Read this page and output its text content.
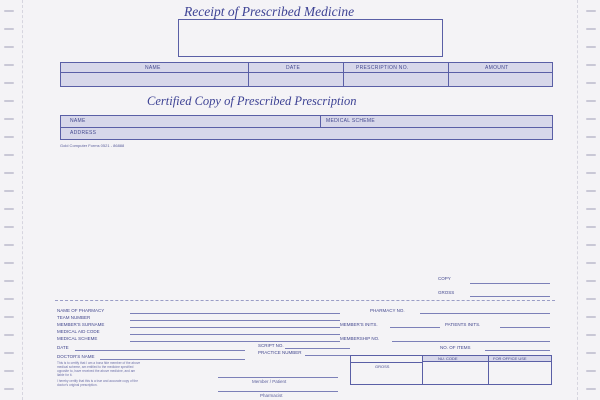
Receipt of Prescribed Medicine
NAME	DATE	PRESCRIPTION NO.	AMOUNT
Certified Copy of Prescribed Prescription
NAME	MEDICAL SCHEME
ADDRESS
Gold Computer Forms 0521 - 86888
COPY
GROSS
NAME OF PHARMACY	PHARMACY NO.
TEAM NUMBER
MEMBER'S SURNAME	MEMBER'S INITS.	PATIENTS INITS.
MEDICAL AID CODE
MEDICAL SCHEME	MEMBERSHIP NO.
DATE	SCRIPT NO.	NO. OF ITEMS
PRACTICE NUMBER
DOCTOR'S NAME
This is to certify that I am a bona fide member of the above
medical scheme, am entitled to the medicine specified
opposite to, have received the above medicine, and am
liable for it.
I hereby certify that this is a true and accurate copy of the
doctor's original prescription.
NU. CODE	FOR OFFICE USE
GROSS
Member / Patient
Pharmacist
